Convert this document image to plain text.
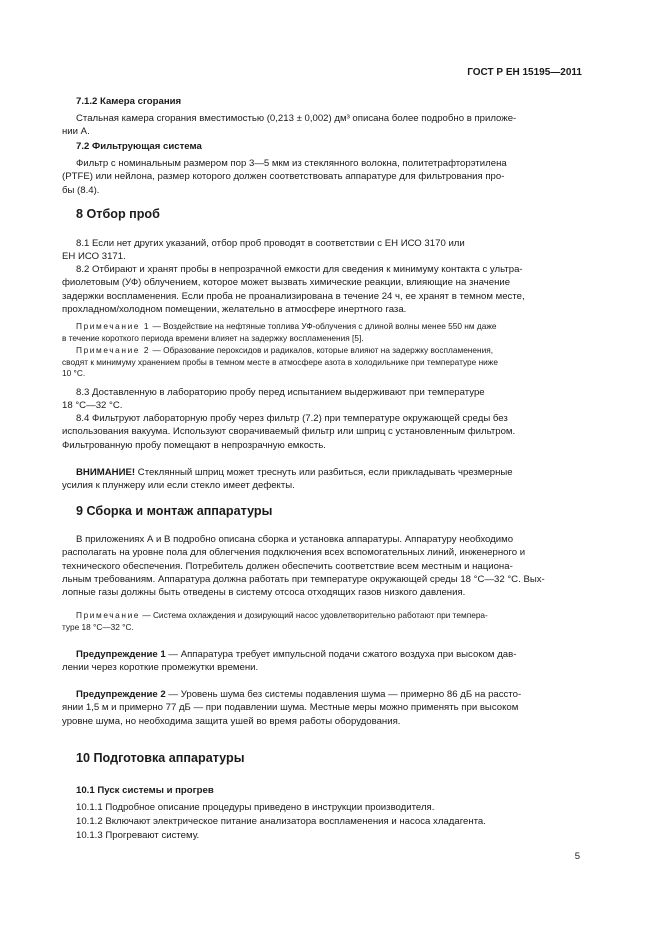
ГОСТ Р ЕН 15195—2011
7.1.2 Камера сгорания
Стальная камера сгорания вместимостью (0,213 ± 0,002) дм³ описана более подробно в приложе-
нии А.
7.2 Фильтрующая система
Фильтр с номинальным размером пор 3—5 мкм из стеклянного волокна, политетрафторэтилена
(PTFE) или нейлона, размер которого должен соответствовать аппаратуре для фильтрования про-
бы (8.4).
8 Отбор проб
8.1 Если нет других указаний, отбор проб проводят в соответствии с ЕН ИСО 3170 или
ЕН ИСО 3171.
8.2 Отбирают и хранят пробы в непрозрачной емкости для сведения к минимуму контакта с ультра-
фиолетовым (УФ) облучением, которое может вызвать химические реакции, влияющие на значение
задержки воспламенения. Если проба не проанализирована в течение 24 ч, ее хранят в темном месте,
прохладном/холодном помещении, желательно в атмосфере инертного газа.
Примечание 1 — Воздействие на нефтяные топлива УФ-облучения с длиной волны менее 550 нм даже
в течение короткого периода времени влияет на задержку воспламенения [5].
Примечание 2 — Образование пероксидов и радикалов, которые влияют на задержку воспламенения,
сводят к минимуму хранением пробы в темном месте в атмосфере азота в холодильнике при температуре ниже
10 °С.
8.3 Доставленную в лабораторию пробу перед испытанием выдерживают при температуре
18 °С—32 °С.
8.4 Фильтруют лабораторную пробу через фильтр (7.2) при температуре окружающей среды без
использования вакуума. Используют сворачиваемый фильтр или шприц с установленным фильтром.
Фильтрованную пробу помещают в непрозрачную емкость.
ВНИМАНИЕ! Стеклянный шприц может треснуть или разбиться, если прикладывать чрезмерные
усилия к плунжеру или если стекло имеет дефекты.
9 Сборка и монтаж аппаратуры
В приложениях А и В подробно описана сборка и установка аппаратуры. Аппаратуру необходимо
располагать на уровне пола для облегчения подключения всех вспомогательных линий, инженерного и
технического обеспечения. Потребитель должен обеспечить соответствие всем местным и национа-
льным требованиям. Аппаратура должна работать при температуре окружающей среды 18 °С—32 °С. Вых-
лопные газы должны быть отведены в систему отсоса отходящих газов низкого давления.
Примечание — Система охлаждения и дозирующий насос удовлетворительно работают при темпера-
туре 18 °С—32 °С.
Предупреждение 1 — Аппаратура требует импульсной подачи сжатого воздуха при высоком дав-
лении через короткие промежутки времени.
Предупреждение 2 — Уровень шума без системы подавления шума — примерно 86 дБ на рассто-
янии 1,5 м и примерно 77 дБ — при подавлении шума. Местные меры можно применять при высоком
уровне шума, но необходима защита ушей во время работы оборудования.
10 Подготовка аппаратуры
10.1 Пуск системы и прогрев
10.1.1 Подробное описание процедуры приведено в инструкции производителя.
10.1.2 Включают электрическое питание анализатора воспламенения и насоса хладагента.
10.1.3 Прогревают систему.
5
